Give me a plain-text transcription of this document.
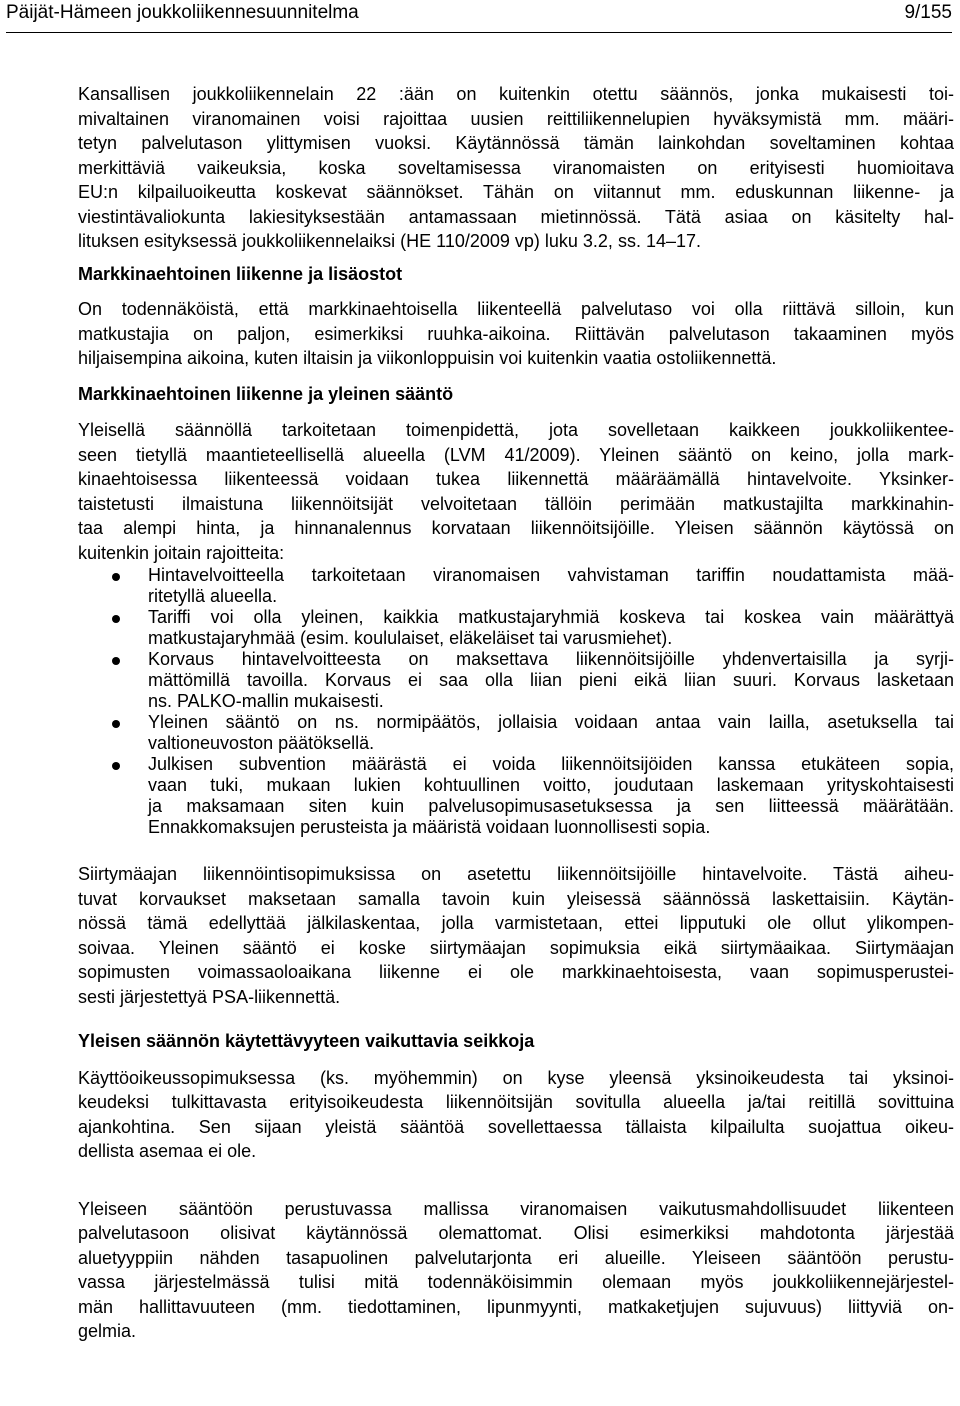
Päijät-Hämeen joukkoliikennesuunnitelma	9/155

Kansallisen joukkoliikennelain 22 :ään on kuitenkin otettu säännös, jonka mukaisesti toi-
mivaltainen viranomainen voisi rajoittaa uusien reittiliikennelupien hyväksymistä mm. määri-
tetyn palvelutason ylittymisen vuoksi. Käytännössä tämän lainkohdan soveltaminen kohtaa
merkittäviä vaikeuksia, koska soveltamisessa viranomaisten on erityisesti huomioitava
EU:n kilpailuoikeutta koskevat säännökset. Tähän on viitannut mm. eduskunnan liikenne- ja
viestintävaliokunta lakiesityksestään antamassaan mietinnössä. Tätä asiaa on käsitelty hal-
lituksen esityksessä joukkoliikennelaiksi (HE 110/2009 vp) luku 3.2, ss. 14–17.

Markkinaehtoinen liikenne ja lisäostot

On todennäköistä, että markkinaehtoisella liikenteellä palvelutaso voi olla riittävä silloin, kun
matkustajia on paljon, esimerkiksi ruuhka-aikoina. Riittävän palvelutason takaaminen myös
hiljaisempina aikoina, kuten iltaisin ja viikonloppuisin voi kuitenkin vaatia ostoliikennettä.

Markkinaehtoinen liikenne ja yleinen sääntö

Yleisellä säännöllä tarkoitetaan toimenpidettä, jota sovelletaan kaikkeen joukkoliikentee-
seen tietyllä maantieteellisellä alueella (LVM 41/2009). Yleinen sääntö on keino, jolla mark-
kinaehtoisessa liikenteessä voidaan tukea liikennettä määräämällä hintavelvoite. Yksinker-
taistetusti ilmaistuna liikennöitsijät velvoitetaan tällöin perimään matkustajilta markkinahin-
taa alempi hinta, ja hinnanalennus korvataan liikennöitsijöille. Yleisen säännön käytössä on
kuitenkin joitain rajoitteita:

Hintavelvoitteella tarkoitetaan viranomaisen vahvistaman tariffin noudattamista mää-
ritetyllä alueella.
Tariffi voi olla yleinen, kaikkia matkustajaryhmiä koskeva tai koskea vain määrättyä
matkustajaryhmää (esim. koululaiset, eläkeläiset tai varusmiehet).
Korvaus hintavelvoitteesta on maksettava liikennöitsijöille yhdenvertaisilla ja syrji-
mättömillä tavoilla. Korvaus ei saa olla liian pieni eikä liian suuri. Korvaus lasketaan
ns. PALKO-mallin mukaisesti.
Yleinen sääntö on ns. normipäätös, jollaisia voidaan antaa vain lailla, asetuksella tai
valtioneuvoston päätöksellä.
Julkisen subvention määrästä ei voida liikennöitsijöiden kanssa etukäteen sopia,
vaan tuki, mukaan lukien kohtuullinen voitto, joudutaan laskemaan yrityskohtaisesti
ja maksamaan siten kuin palvelusopimusasetuksessa ja sen liitteessä määrätään.
Ennakkomaksujen perusteista ja määristä voidaan luonnollisesti sopia.

Siirtymäajan liikennöintisopimuksissa on asetettu liikennöitsijöille hintavelvoite. Tästä aiheu-
tuvat korvaukset maksetaan samalla tavoin kuin yleisessä säännössä laskettaisiin. Käytän-
nössä tämä edellyttää jälkilaskentaa, jolla varmistetaan, ettei lipputuki ole ollut ylikompen-
soivaa. Yleinen sääntö ei koske siirtymäajan sopimuksia eikä siirtymäaikaa. Siirtymäajan
sopimusten voimassaoloaikana liikenne ei ole markkinaehtoisesta, vaan sopimusperustei-
sesti järjestettyä PSA-liikennettä.

Yleisen säännön käytettävyyteen vaikuttavia seikkoja

Käyttöoikeussopimuksessa (ks. myöhemmin) on kyse yleensä yksinoikeudesta tai yksinoi-
keudeksi tulkittavasta erityisoikeudesta liikennöitsijän sovitulla alueella ja/tai reitillä sovittuina
ajankohtina. Sen sijaan yleistä sääntöä sovellettaessa tällaista kilpailulta suojattua oikeu-
dellista asemaa ei ole.

Yleiseen sääntöön perustuvassa mallissa viranomaisen vaikutusmahdollisuudet liikenteen
palvelutasoon olisivat käytännössä olemattomat. Olisi esimerkiksi mahdotonta järjestää
aluetyyppiin nähden tasapuolinen palvelutarjonta eri alueille. Yleiseen sääntöön perustu-
vassa järjestelmässä tulisi mitä todennäköisimmin olemaan myös joukkoliikennejärjestel-
män hallittavuuteen (mm. tiedottaminen, lipunmyynti, matkaketjujen sujuvuus) liittyviä on-
gelmia.
